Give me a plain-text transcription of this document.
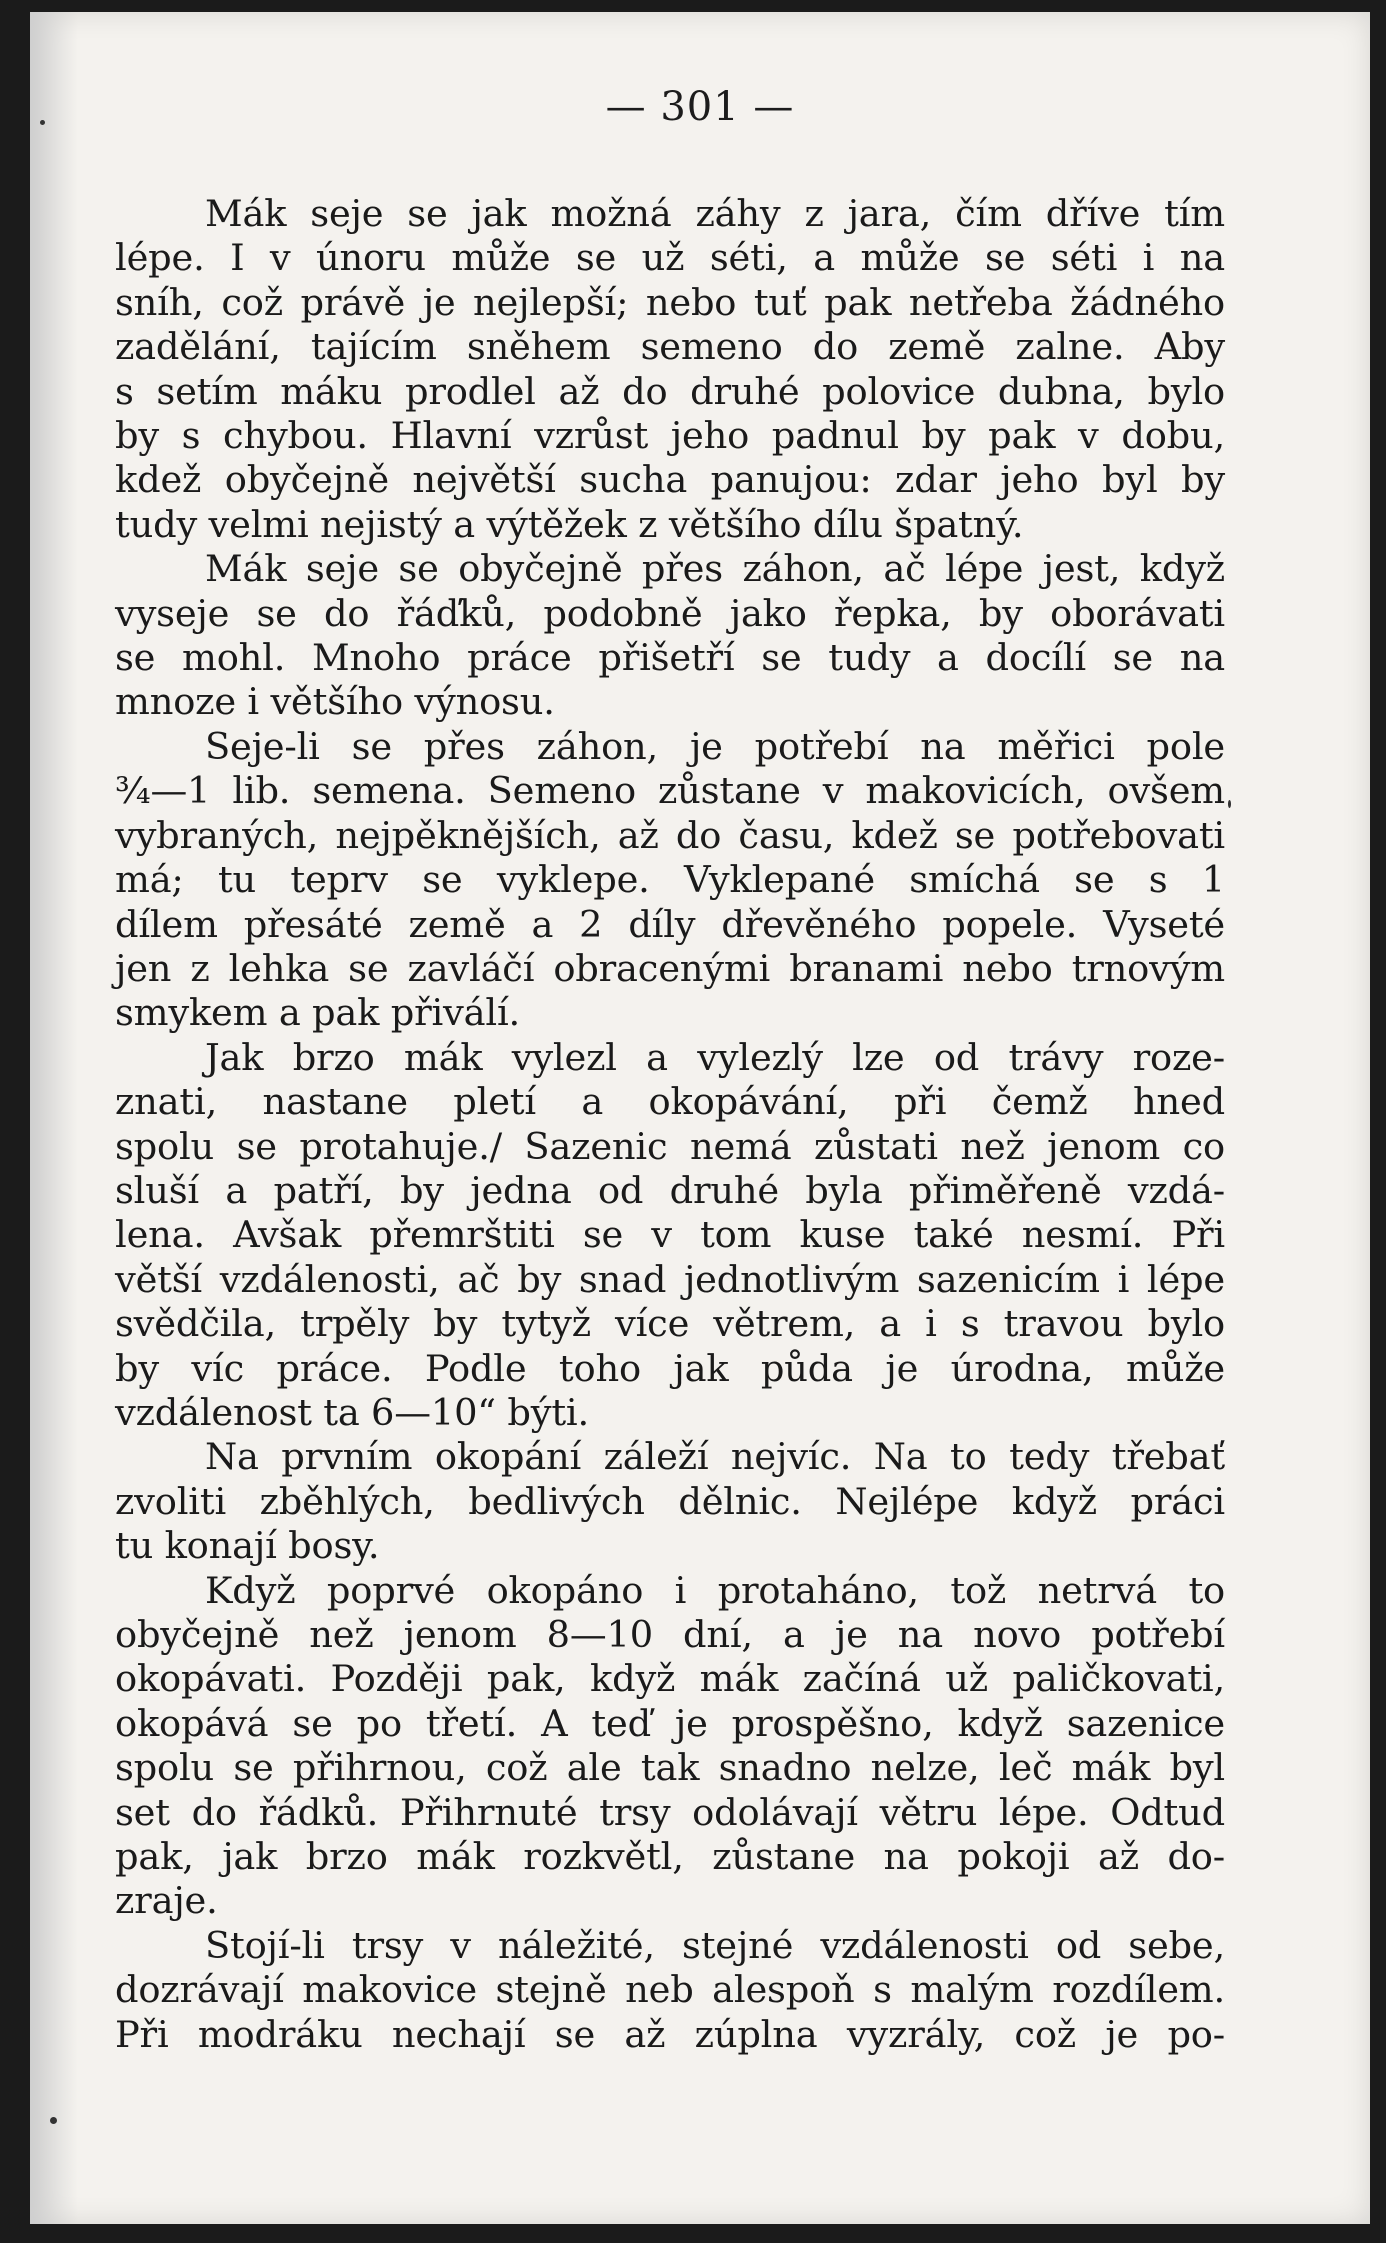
— 301 —
Mák seje se jak možná záhy z jara, čím dříve tím
lépe. I v únoru může se už séti, a může se séti i na
sníh, což právě je nejlepší; nebo tuť pak netřeba žádného
zadělání, tajícím sněhem semeno do země zalne. Aby
s setím máku prodlel až do druhé polovice dubna, bylo
by s chybou. Hlavní vzrůst jeho padnul by pak v dobu,
kdež obyčejně největší sucha panujou: zdar jeho byl by
tudy velmi nejistý a výtěžek z většího dílu špatný.
Mák seje se obyčejně přes záhon, ač lépe jest, když
vyseje se do řáďků, podobně jako řepka, by oborávati
se mohl. Mnoho práce přišetří se tudy a docílí se na
mnoze i většího výnosu.
Seje-li se přes záhon, je potřebí na měřici pole
¾—1 lib. semena. Semeno zůstane v makovicích, ovšem
vybraných, nejpěknějších, až do času, kdež se potřebovati
má; tu teprv se vyklepe. Vyklepané smíchá se s 1
dílem přesáté země a 2 díly dřevěného popele. Vyseté
jen z lehka se zavláčí obracenými branami nebo trnovým
smykem a pak přiválí.
Jak brzo mák vylezl a vylezlý lze od trávy roze-
znati, nastane pletí a okopávání, při čemž hned
spolu se protahuje./ Sazenic nemá zůstati než jenom co
sluší a patří, by jedna od druhé byla přiměřeně vzdá-
lena. Avšak přemrštiti se v tom kuse také nesmí. Při
větší vzdálenosti, ač by snad jednotlivým sazenicím i lépe
svědčila, trpěly by tytyž více větrem, a i s travou bylo
by víc práce. Podle toho jak půda je úrodna, může
vzdálenost ta 6—10“ býti.
Na prvním okopání záleží nejvíc. Na to tedy třebať
zvoliti zběhlých, bedlivých dělnic. Nejlépe když práci
tu konají bosy.
Když poprvé okopáno i protaháno, tož netrvá to
obyčejně než jenom 8—10 dní, a je na novo potřebí
okopávati. Později pak, když mák začíná už paličkovati,
okopává se po třetí. A teď je prospěšno, když sazenice
spolu se přihrnou, což ale tak snadno nelze, leč mák byl
set do řádků. Přihrnuté trsy odolávají větru lépe. Odtud
pak, jak brzo mák rozkvětl, zůstane na pokoji až do-
zraje.
Stojí-li trsy v náležité, stejné vzdálenosti od sebe,
dozrávají makovice stejně neb alespoň s malým rozdílem.
Při modráku nechají se až zúplna vyzrály, což je po-
